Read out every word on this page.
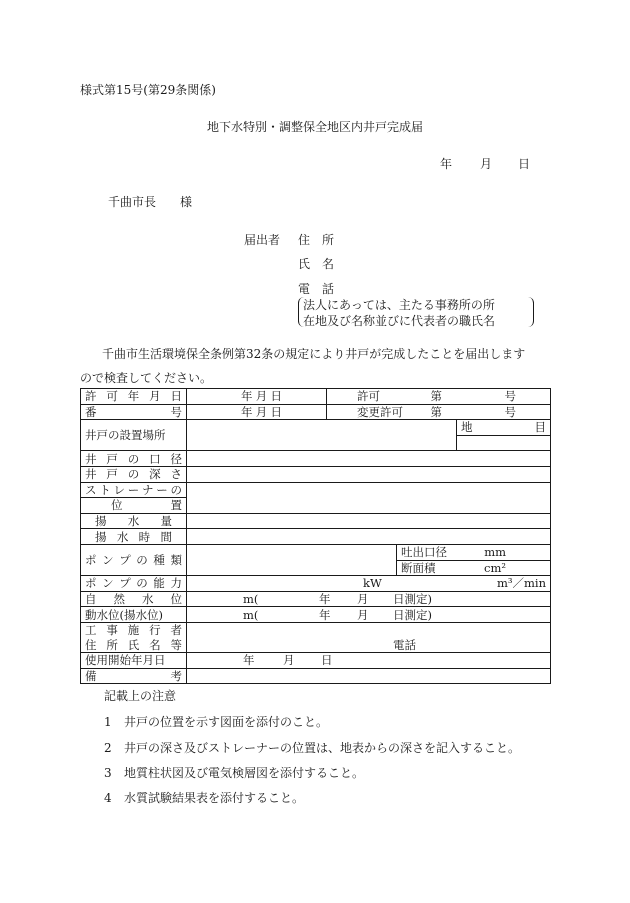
様式第15号(第29条関係)
地下水特別・調整保全地区内井戸完成届
年 月 日
千曲市長　　様
届出者 住　所
氏　名
電　話
法人にあっては、主たる事務所の所
在地及び名称並びに代表者の職氏名
千曲市生活環境保全条例第32条の規定により井戸が完成したことを届出します
ので検査してください。
許可年月日	年 月 日	許可	第 号	

番号	年 月 日	変更許可	第 号	

井戸の設置場所				地 目

井戸の口径				
井戸の深さ				
ストレーナーの				
位置				
揚水量				
揚水時間				
ポンプの種類			吐出口径 mm	

			断面積 cm²	

ポンプの能力	kW m³／min			

自然水位	m( 年 月 日測定)			
動水位(揚水位)	m( 年 月 日測定)			
工事施行者	電話			
住所氏名等				
使用開始年月日	年 月 日			
備考				
記載上の注意
1 井戸の位置を示す図面を添付のこと。
2 井戸の深さ及びストレーナーの位置は、地表からの深さを記入すること。
3 地質柱状図及び電気検層図を添付すること。
4 水質試験結果表を添付すること。
